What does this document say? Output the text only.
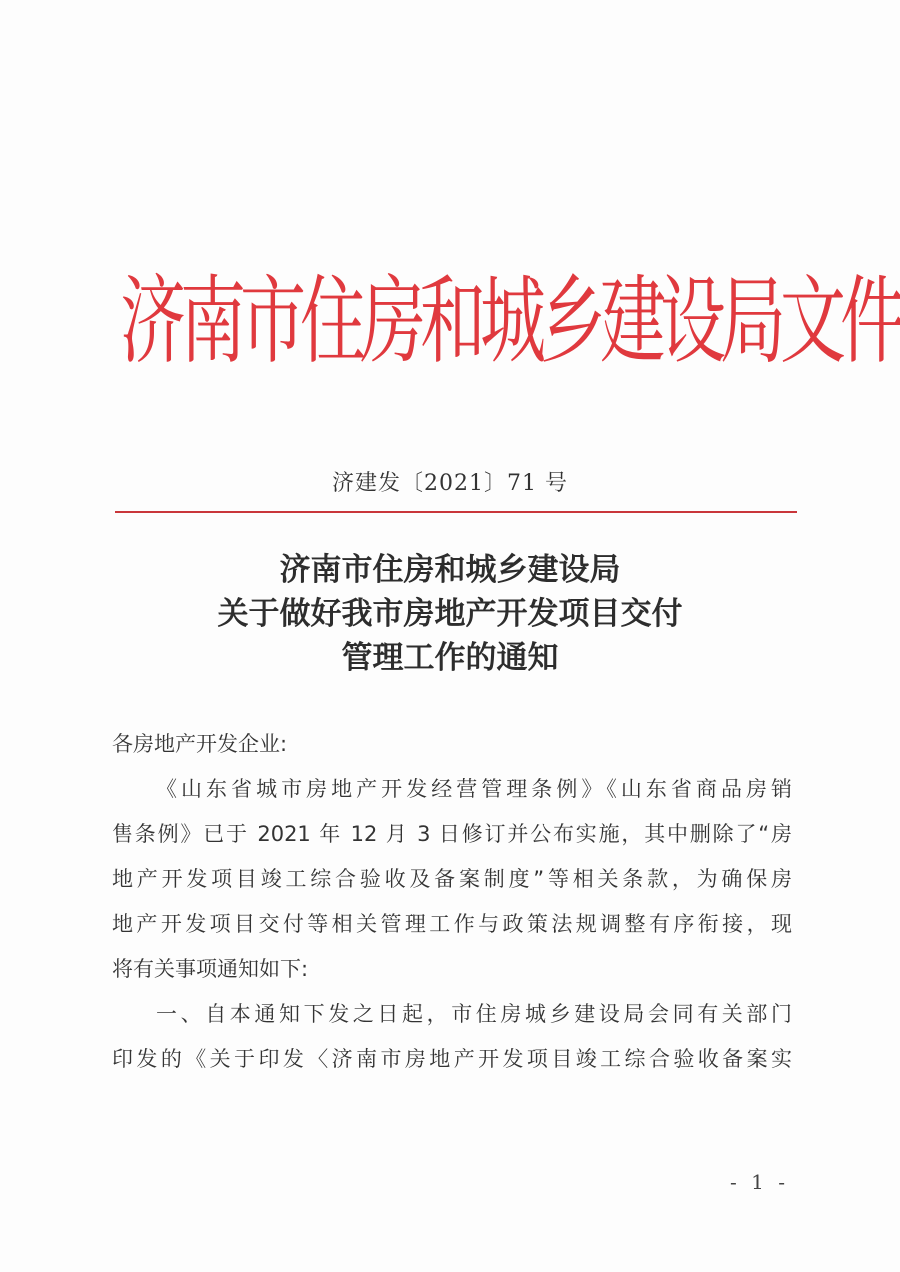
济南市住房和城乡建设局文件
济建发〔2021〕71 号
济南市住房和城乡建设局
关于做好我市房地产开发项目交付
管理工作的通知
各房地产开发企业:
《山东省城市房地产开发经营管理条例》《山东省商品房销
售条例》已于 2021 年 12 月 3 日修订并公布实施，其中删除了“房
地产开发项目竣工综合验收及备案制度”等相关条款，为确保房
地产开发项目交付等相关管理工作与政策法规调整有序衔接，现
将有关事项通知如下:
一、自本通知下发之日起，市住房城乡建设局会同有关部门
印发的《关于印发〈济南市房地产开发项目竣工综合验收备案实
- 1 -
